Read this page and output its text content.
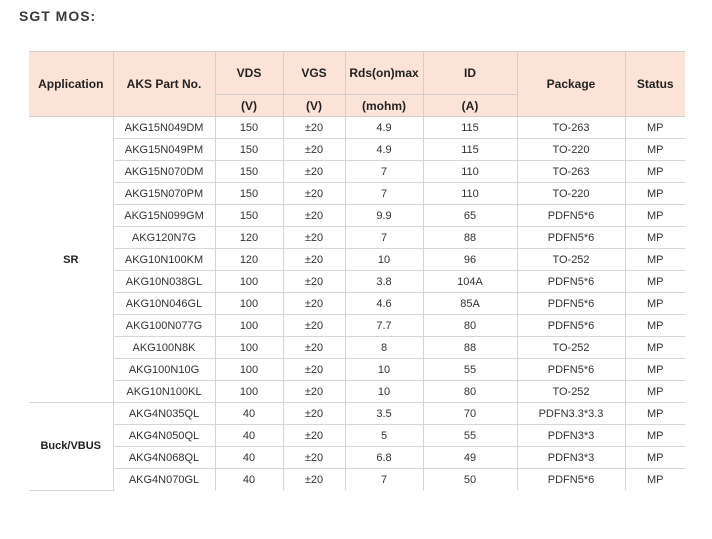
SGT MOS:
Application	AKS Part No.	VDS	VGS	Rds(on)max	ID	Package	Status
		(V)	(V)	(mohm)	(A)		
SR	AKG15N049DM	150	±20	4.9	115	TO-263	MP
	AKG15N049PM	150	±20	4.9	115	TO-220	MP
	AKG15N070DM	150	±20	7	110	TO-263	MP
	AKG15N070PM	150	±20	7	110	TO-220	MP
	AKG15N099GM	150	±20	9.9	65	PDFN5*6	MP
	AKG120N7G	120	±20	7	88	PDFN5*6	MP
	AKG10N100KM	120	±20	10	96	TO-252	MP
	AKG10N038GL	100	±20	3.8	104A	PDFN5*6	MP
	AKG10N046GL	100	±20	4.6	85A	PDFN5*6	MP
	AKG100N077G	100	±20	7.7	80	PDFN5*6	MP
	AKG100N8K	100	±20	8	88	TO-252	MP
	AKG100N10G	100	±20	10	55	PDFN5*6	MP
	AKG10N100KL	100	±20	10	80	TO-252	MP
Buck/VBUS	AKG4N035QL	40	±20	3.5	70	PDFN3.3*3.3	MP
	AKG4N050QL	40	±20	5	55	PDFN3*3	MP
	AKG4N068QL	40	±20	6.8	49	PDFN3*3	MP
	AKG4N070GL	40	±20	7	50	PDFN5*6	MP
